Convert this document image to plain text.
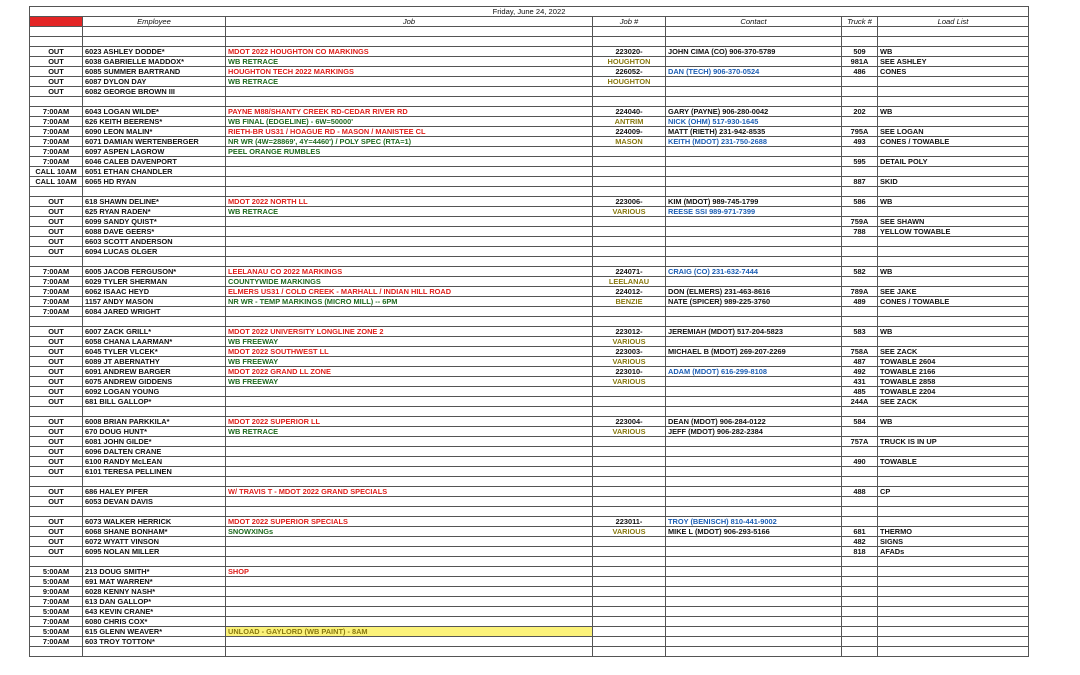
Friday, June 24, 2022						
Time	Employee	Job	Job #	Contact	Truck #	Load List

OUT	6023 ASHLEY DODDE*	MDOT 2022 HOUGHTON CO MARKINGS	223020-	JOHN CIMA (CO) 906-370-5789	509	WB
OUT	6038 GABRIELLE MADDOX*	WB RETRACE	HOUGHTON		981A	SEE ASHLEY
OUT	6085 SUMMER BARTRAND	HOUGHTON TECH 2022 MARKINGS	226052-	DAN (TECH) 906-370-0524	486	CONES
OUT	6087 DYLON DAY	WB RETRACE	HOUGHTON			
OUT	6082 GEORGE BROWN III					

7:00AM	6043 LOGAN WILDE*	PAYNE M88/SHANTY CREEK RD-CEDAR RIVER RD	224040-	GARY (PAYNE) 906-280-0042	202	WB
7:00AM	626 KEITH BEERENS*	WB FINAL (EDGELINE) - 6W=50000'	ANTRIM	NICK (OHM) 517-930-1645		
7:00AM	6090 LEON MALIN*	RIETH-BR US31 / HOAGUE RD - MASON / MANISTEE CL	224009-	MATT (RIETH) 231-942-8535	795A	SEE LOGAN
7:00AM	6071 DAMIAN WERTENBERGER	NR WR (4W=28869', 4Y=4460') / POLY SPEC (RTA=1)	MASON	KEITH (MDOT) 231-750-2688	493	CONES / TOWABLE
7:00AM	6097 ASPEN LAGROW	PEEL ORANGE RUMBLES				
7:00AM	6046 CALEB DAVENPORT				595	DETAIL POLY
CALL 10AM	6051 ETHAN CHANDLER					
CALL 10AM	6065 HD RYAN				887	SKID

OUT	618 SHAWN DELINE*	MDOT 2022 NORTH LL	223006-	KIM (MDOT) 989-745-1799	586	WB
OUT	625 RYAN RADEN*	WB RETRACE	VARIOUS	REESE SSI 989-971-7399		
OUT	6099 SANDY QUIST*				759A	SEE SHAWN
OUT	6088 DAVE GEERS*				788	YELLOW TOWABLE
OUT	6603 SCOTT ANDERSON					
OUT	6094 LUCAS OLGER					

7:00AM	6005 JACOB FERGUSON*	LEELANAU CO 2022 MARKINGS	224071-	CRAIG (CO) 231-632-7444	582	WB
7:00AM	6029 TYLER SHERMAN	COUNTYWIDE MARKINGS	LEELANAU			
7:00AM	6062 ISAAC HEYD	ELMERS US31 / COLD CREEK - MARHALL / INDIAN HILL ROAD	224012-	DON (ELMERS) 231-463-8616	789A	SEE JAKE
7:00AM	1157 ANDY MASON	NR WR - TEMP MARKINGS (MICRO MILL) -- 6PM	BENZIE	NATE (SPICER) 989-225-3760	489	CONES / TOWABLE
7:00AM	6084 JARED WRIGHT					

OUT	6007 ZACK GRILL*	MDOT 2022 UNIVERSITY LONGLINE ZONE 2	223012-	JEREMIAH (MDOT) 517-204-5823	583	WB
OUT	6058 CHANA LAARMAN*	WB FREEWAY	VARIOUS			
OUT	6045 TYLER VLCEK*	MDOT 2022 SOUTHWEST LL	223003-	MICHAEL B (MDOT) 269-207-2269	758A	SEE ZACK
OUT	6089 JT ABERNATHY	WB FREEWAY	VARIOUS		487	TOWABLE 2604
OUT	6091 ANDREW BARGER	MDOT 2022 GRAND LL ZONE	223010-	ADAM (MDOT) 616-299-8108	492	TOWABLE 2166
OUT	6075 ANDREW GIDDENS	WB FREEWAY	VARIOUS		431	TOWABLE 2858
OUT	6092 LOGAN YOUNG				485	TOWABLE 2204
OUT	681 BILL GALLOP*				244A	SEE ZACK

OUT	6008 BRIAN PARKKILA*	MDOT 2022 SUPERIOR LL	223004-	DEAN (MDOT) 906-284-0122	584	WB
OUT	670 DOUG HUNT*	WB RETRACE	VARIOUS	JEFF (MDOT) 906-282-2384		
OUT	6081 JOHN GILDE*				757A	TRUCK IS IN UP
OUT	6096 DALTEN CRANE					
OUT	6100 RANDY McLEAN				490	TOWABLE
OUT	6101 TERESA PELLINEN					

OUT	686 HALEY PIFER	W/ TRAVIS T - MDOT 2022 GRAND SPECIALS			488	CP
OUT	6053 DEVAN DAVIS					

OUT	6073 WALKER HERRICK	MDOT 2022 SUPERIOR SPECIALS	223011-	TROY (BENISCH) 810-441-9002		
OUT	6068 SHANE BONHAM*	SNOWXINGs	VARIOUS	MIKE L (MDOT) 906-293-5166	681	THERMO
OUT	6072 WYATT VINSON				482	SIGNS
OUT	6095 NOLAN MILLER				818	AFADs

5:00AM	213 DOUG SMITH*	SHOP				
5:00AM	691 MAT WARREN*					
9:00AM	6028 KENNY NASH*					
7:00AM	613 DAN GALLOP*					
5:00AM	643 KEVIN CRANE*					
7:00AM	6080 CHRIS COX*					
5:00AM	615 GLENN WEAVER*	UNLOAD - GAYLORD (WB PAINT) - 8AM				
7:00AM	603 TROY TOTTON*					
